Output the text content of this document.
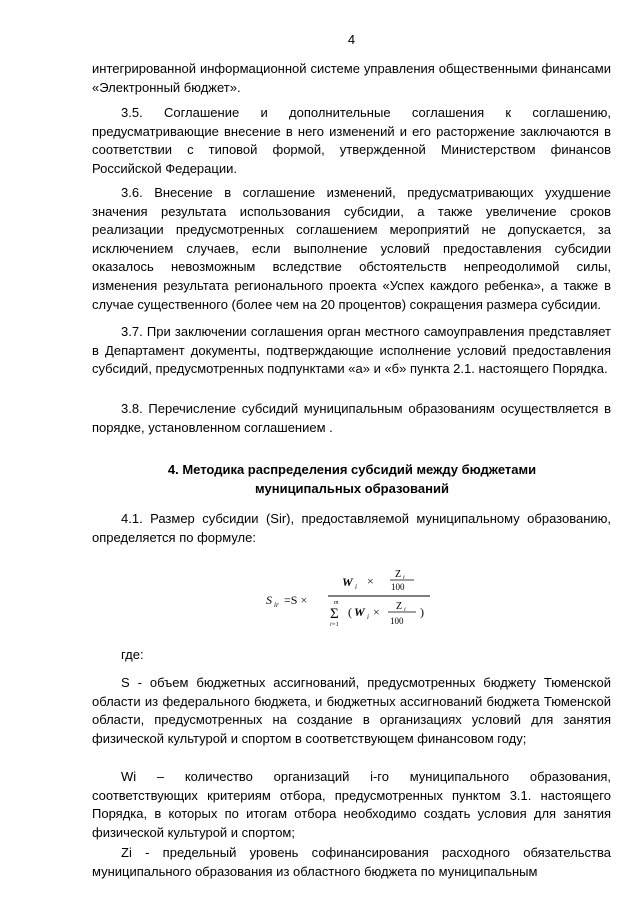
4

интегрированной информационной системе управления общественными финансами «Электронный бюджет».

3.5. Соглашение и дополнительные соглашения к соглашению, предусматривающие внесение в него изменений и его расторжение заключаются в соответствии с типовой формой, утвержденной Министерством финансов Российской Федерации.

3.6. Внесение в соглашение изменений, предусматривающих ухудшение значения результата использования субсидии, а также увеличение сроков реализации предусмотренных соглашением мероприятий не допускается, за исключением случаев, если выполнение условий предоставления субсидии оказалось невозможным вследствие обстоятельств непреодолимой силы, изменения результата регионального проекта «Успех каждого ребенка», а также в случае существенного (более чем на 20 процентов) сокращения размера субсидии.

3.7. При заключении соглашения орган местного самоуправления представляет в Департамент документы, подтверждающие исполнение условий предоставления субсидий, предусмотренных подпунктами «а» и «б» пункта 2.1. настоящего Порядка.

3.8. Перечисление субсидий муниципальным образованиям осуществляется в порядке, установленном соглашением .

4. Методика распределения субсидий между бюджетами муниципальных образований

4.1. Размер субсидии (Sir), предоставляемой муниципальному образованию, определяется по формуле:

S ir =S ×
W i × Z i
100
m
Σ
i=1
( W i × Z i
100
)

где:

S - объем бюджетных ассигнований, предусмотренных бюджету Тюменской области из федерального бюджета, и бюджетных ассигнований бюджета Тюменской области, предусмотренных на создание в организациях условий для занятия физической культурой и спортом в соответствующем финансовом году;

Wi – количество организаций i-го муниципального образования, соответствующих критериям отбора, предусмотренных пунктом 3.1. настоящего Порядка, в которых по итогам отбора необходимо создать условия для занятия физической культурой и спортом;

Zi - предельный уровень софинансирования расходного обязательства муниципального образования из областного бюджета по муниципальным
